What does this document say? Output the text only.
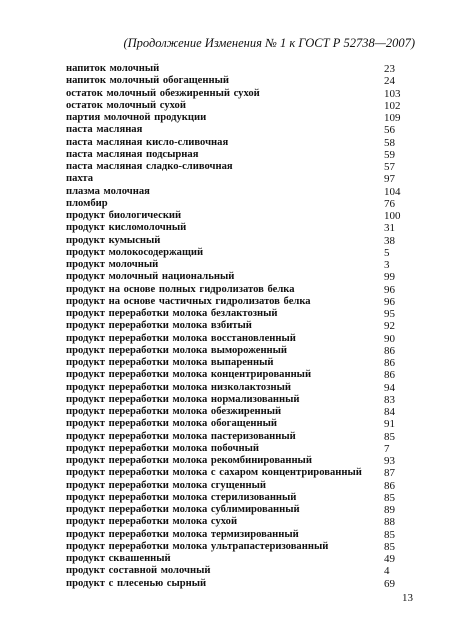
(Продолжение Изменения № 1 к ГОСТ Р 52738—2007)
напиток молочный	23
напиток молочный обогащенный	24
остаток молочный обезжиренный сухой	103
остаток молочный сухой	102
партия молочной продукции	109
паста масляная	56
паста масляная кисло-сливочная	58
паста масляная подсырная	59
паста масляная сладко-сливочная	57
пахта	97
плазма молочная	104
пломбир	76
продукт биологический	100
продукт кисломолочный	31
продукт кумысный	38
продукт молокосодержащий	5
продукт молочный	3
продукт молочный национальный	99
продукт на основе полных гидролизатов белка	96
продукт на основе частичных гидролизатов белка	96
продукт переработки молока безлактозный	95
продукт переработки молока взбитый	92
продукт переработки молока восстановленный	90
продукт переработки молока вымороженный	86
продукт переработки молока выпаренный	86
продукт переработки молока концентрированный	86
продукт переработки молока низколактозный	94
продукт переработки молока нормализованный	83
продукт переработки молока обезжиренный	84
продукт переработки молока обогащенный	91
продукт переработки молока пастеризованный	85
продукт переработки молока побочный	7
продукт переработки молока рекомбинированный	93
продукт переработки молока с сахаром концентрированный 87
продукт переработки молока сгущенный	86
продукт переработки молока стерилизованный	85
продукт переработки молока сублимированный	89
продукт переработки молока сухой	88
продукт переработки молока термизированный	85
продукт переработки молока ультрапастеризованный	85
продукт сквашенный	49
продукт составной молочный	4
продукт с плесенью сырный	69
13
